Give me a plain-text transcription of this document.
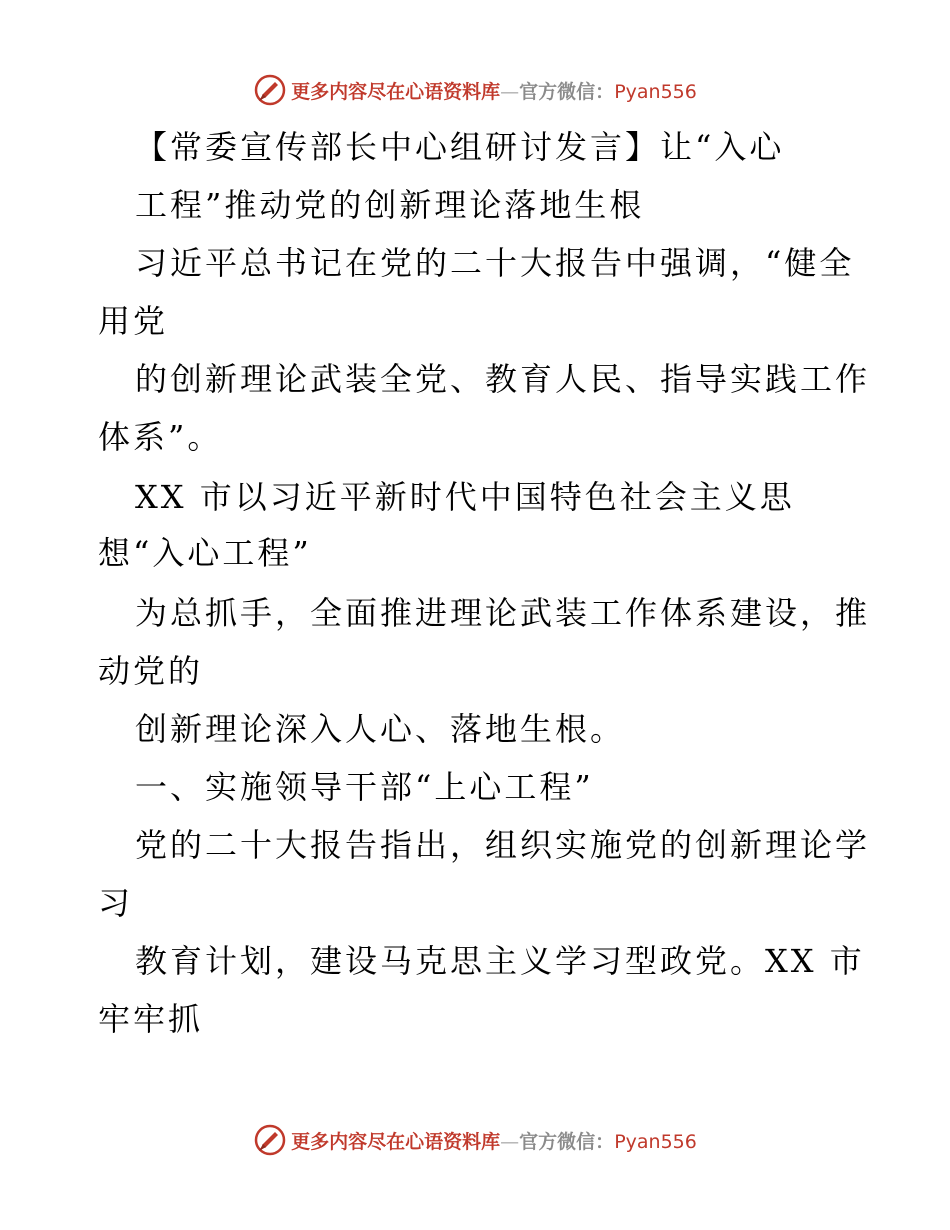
更多内容尽在心语资料库—官方微信：Pyan556
【常委宣传部长中心组研讨发言】让“入心
工程”推动党的创新理论落地生根
习近平总书记在党的二十大报告中强调，“健全
用党
的创新理论武装全党、教育人民、指导实践工作
体系”。
XX 市以习近平新时代中国特色社会主义思
想“入心工程”
为总抓手，全面推进理论武装工作体系建设，推
动党的
创新理论深入人心、落地生根。
一、实施领导干部“上心工程”
党的二十大报告指出，组织实施党的创新理论学
习
教育计划，建设马克思主义学习型政党。XX 市
牢牢抓
更多内容尽在心语资料库—官方微信：Pyan556
